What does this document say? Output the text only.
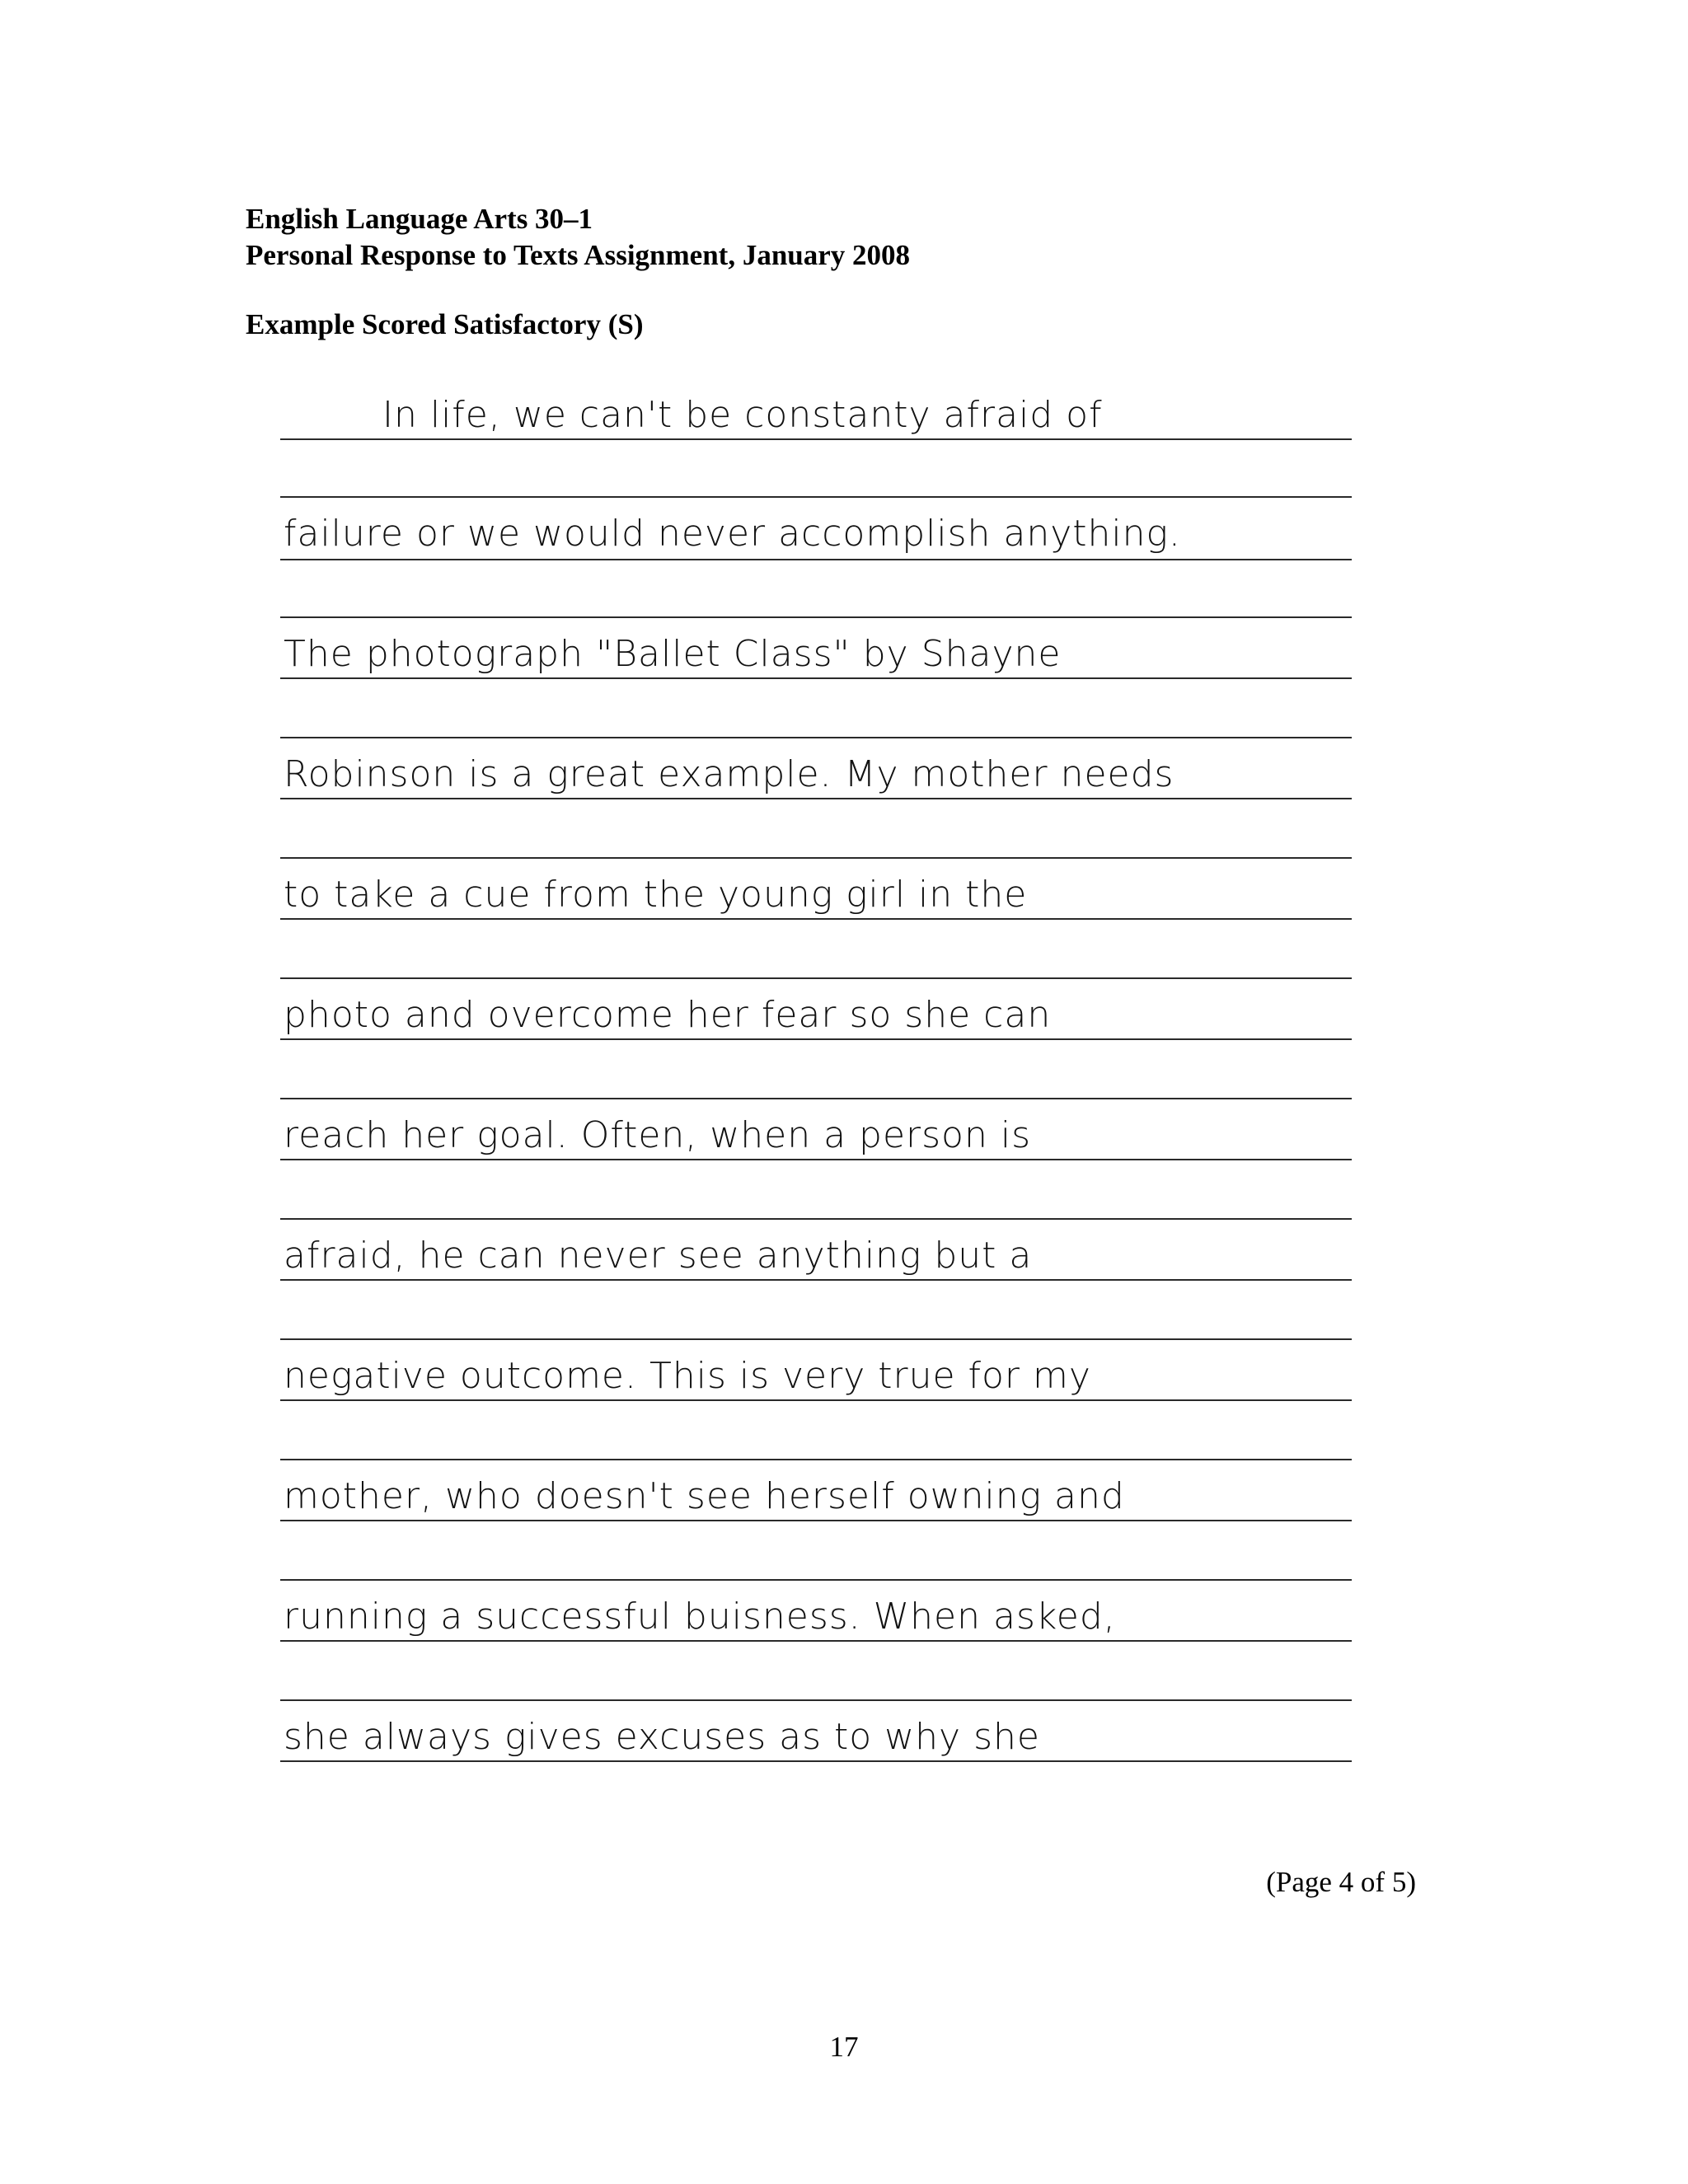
English Language Arts 30–1
Personal Response to Texts Assignment, January 2008
Example Scored Satisfactory (S)
In life, we can't be constanty afraid of
failure or we would never accomplish anything.
The photograph "Ballet Class" by Shayne
Robinson is a great example. My mother needs
to take a cue from the young girl in the
photo and overcome her fear so she can
reach her goal. Often, when a person is
afraid, he can never see anything but a
negative outcome. This is very true for my
mother, who doesn't see herself owning and
running a successful buisness. When asked,
she always gives excuses as to why she
(Page 4 of 5)
17
